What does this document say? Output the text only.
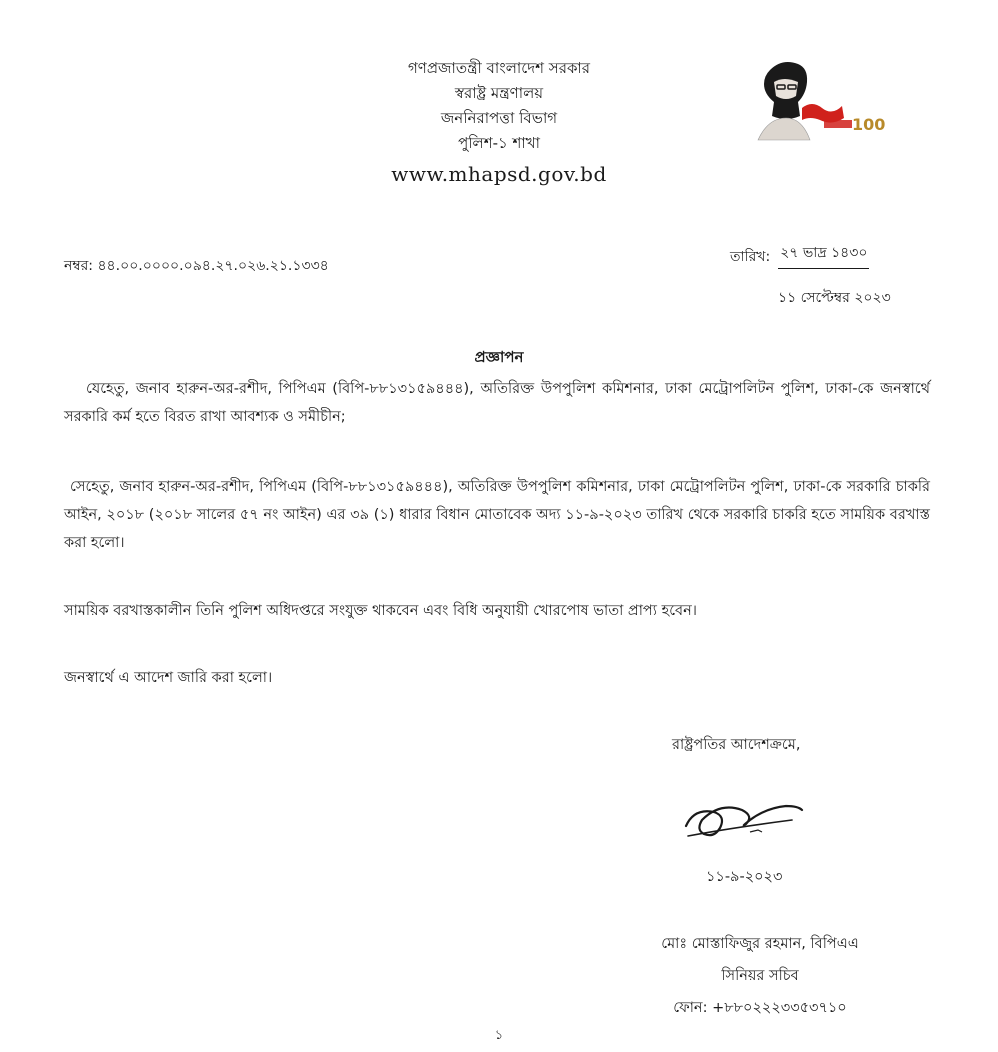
গণপ্রজাতন্ত্রী বাংলাদেশ সরকার
স্বরাষ্ট্র মন্ত্রণালয়
জননিরাপত্তা বিভাগ
পুলিশ-১ শাখা
www.mhapsd.gov.bd
100
নম্বর: ৪৪.০০.০০০০.০৯৪.২৭.০২৬.২১.১৩৩৪
তারিখ: ২৭ ভাদ্র ১৪৩০
১১ সেপ্টেম্বর ২০২৩
প্রজ্ঞাপন

যেহেতু, জনাব হারুন-অর-রশীদ, পিপিএম (বিপি-৮৮১৩১৫৯৪৪৪), অতিরিক্ত উপপুলিশ কমিশনার, ঢাকা মেট্রোপলিটন পুলিশ, ঢাকা-কে জনস্বার্থে সরকারি কর্ম হতে বিরত রাখা আবশ্যক ও সমীচীন;

সেহেতু, জনাব হারুন-অর-রশীদ, পিপিএম (বিপি-৮৮১৩১৫৯৪৪৪), অতিরিক্ত উপপুলিশ কমিশনার, ঢাকা মেট্রোপলিটন পুলিশ, ঢাকা-কে সরকারি চাকরি আইন, ২০১৮ (২০১৮ সালের ৫৭ নং আইন) এর ৩৯ (১) ধারার বিধান মোতাবেক অদ্য ১১-৯-২০২৩ তারিখ থেকে সরকারি চাকরি হতে সাময়িক বরখাস্ত করা হলো।

সাময়িক বরখাস্তকালীন তিনি পুলিশ অধিদপ্তরে সংযুক্ত থাকবেন এবং বিধি অনুযায়ী খোরপোষ ভাতা প্রাপ্য হবেন।

জনস্বার্থে এ আদেশ জারি করা হলো।

রাষ্ট্রপতির আদেশক্রমে,
১১-৯-২০২৩
মোঃ মোস্তাফিজুর রহমান, বিপিএএ
সিনিয়র সচিব
ফোন: +৮৮০২২২৩৩৫৩৭১০
১
